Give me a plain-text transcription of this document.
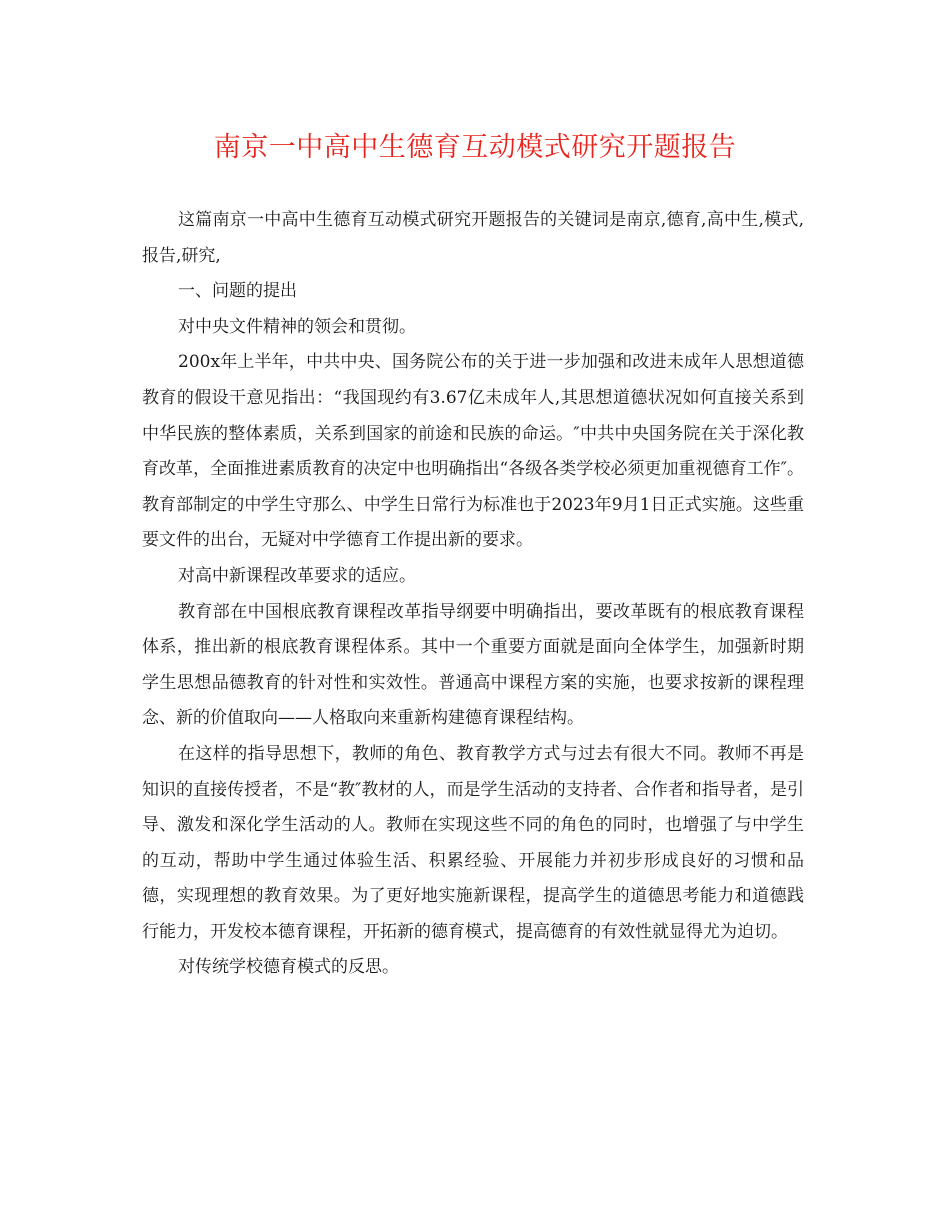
南京一中高中生德育互动模式研究开题报告

这篇南京一中高中生德育互动模式研究开题报告的关键词是南京,德育,高中生,模式,报告,研究,

一、问题的提出

对中央文件精神的领会和贯彻。

200x年上半年，中共中央、国务院公布的关于进一步加强和改进未成年人思想道德教育的假设干意见指出：“我国现约有3.67亿未成年人,其思想道德状况如何直接关系到中华民族的整体素质，关系到国家的前途和民族的命运。″中共中央国务院在关于深化教育改革，全面推进素质教育的决定中也明确指出“各级各类学校必须更加重视德育工作″。教育部制定的中学生守那么、中学生日常行为标准也于2023年9月1日正式实施。这些重要文件的出台，无疑对中学德育工作提出新的要求。

对高中新课程改革要求的适应。

教育部在中国根底教育课程改革指导纲要中明确指出，要改革既有的根底教育课程体系，推出新的根底教育课程体系。其中一个重要方面就是面向全体学生，加强新时期学生思想品德教育的针对性和实效性。普通高中课程方案的实施，也要求按新的课程理念、新的价值取向——人格取向来重新构建德育课程结构。

在这样的指导思想下，教师的角色、教育教学方式与过去有很大不同。教师不再是知识的直接传授者，不是“教″教材的人，而是学生活动的支持者、合作者和指导者，是引导、激发和深化学生活动的人。教师在实现这些不同的角色的同时，也增强了与中学生的互动，帮助中学生通过体验生活、积累经验、开展能力并初步形成良好的习惯和品德，实现理想的教育效果。为了更好地实施新课程，提高学生的道德思考能力和道德践行能力，开发校本德育课程，开拓新的德育模式，提高德育的有效性就显得尤为迫切。

对传统学校德育模式的反思。
